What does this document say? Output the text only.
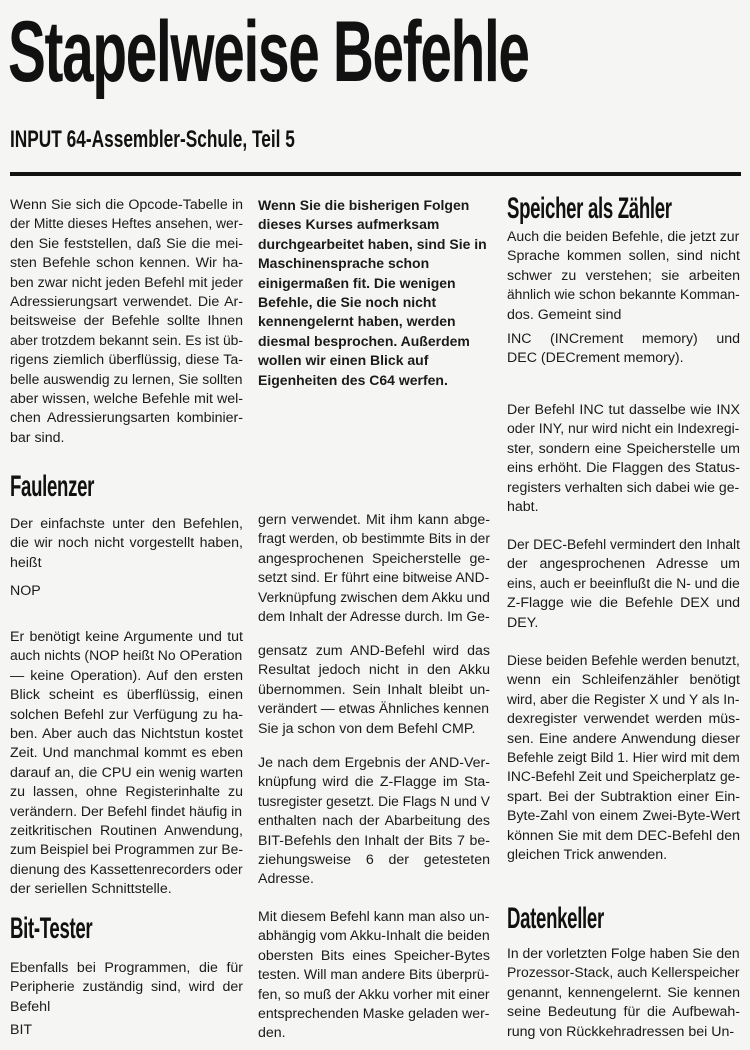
Stapelweise Befehle
INPUT 64-Assembler-Schule, Teil 5
Wenn Sie sich die Opcode-Tabelle in
der Mitte dieses Heftes ansehen, wer-
den Sie feststellen, daß Sie die mei-
sten Befehle schon kennen. Wir ha-
ben zwar nicht jeden Befehl mit jeder
Adressierungsart verwendet. Die Ar-
beitsweise der Befehle sollte Ihnen
aber trotzdem bekannt sein. Es ist üb-
rigens ziemlich überflüssig, diese Ta-
belle auswendig zu lernen, Sie sollten
aber wissen, welche Befehle mit wel-
chen Adressierungsarten kombinier-
bar sind.
Faulenzer
Der einfachste unter den Befehlen,
die wir noch nicht vorgestellt haben,
heißt
NOP
Er benötigt keine Argumente und tut
auch nichts (NOP heißt No OPeration
— keine Operation). Auf den ersten
Blick scheint es überflüssig, einen
solchen Befehl zur Verfügung zu ha-
ben. Aber auch das Nichtstun kostet
Zeit. Und manchmal kommt es eben
darauf an, die CPU ein wenig warten
zu lassen, ohne Registerinhalte zu
verändern. Der Befehl findet häufig in
zeitkritischen Routinen Anwendung,
zum Beispiel bei Programmen zur Be-
dienung des Kassettenrecorders oder
der seriellen Schnittstelle.
Bit-Tester
Ebenfalls bei Programmen, die für
Peripherie zuständig sind, wird der
Befehl
BIT
Wenn Sie die bisherigen Folgen
dieses Kurses aufmerksam
durchgearbeitet haben, sind Sie in
Maschinensprache schon
einigermaßen fit. Die wenigen
Befehle, die Sie noch nicht
kennengelernt haben, werden
diesmal besprochen. Außerdem
wollen wir einen Blick auf
Eigenheiten des C64 werfen.
gern verwendet. Mit ihm kann abge-
fragt werden, ob bestimmte Bits in der
angesprochenen Speicherstelle ge-
setzt sind. Er führt eine bitweise AND-
Verknüpfung zwischen dem Akku und
dem Inhalt der Adresse durch. Im Ge-
gensatz zum AND-Befehl wird das
Resultat jedoch nicht in den Akku
übernommen. Sein Inhalt bleibt un-
verändert — etwas Ähnliches kennen
Sie ja schon von dem Befehl CMP.
Je nach dem Ergebnis der AND-Ver-
knüpfung wird die Z-Flagge im Sta-
tusregister gesetzt. Die Flags N und V
enthalten nach der Abarbeitung des
BIT-Befehls den Inhalt der Bits 7 be-
ziehungsweise 6 der getesteten
Adresse.
Mit diesem Befehl kann man also un-
abhängig vom Akku-Inhalt die beiden
obersten Bits eines Speicher-Bytes
testen. Will man andere Bits überprü-
fen, so muß der Akku vorher mit einer
entsprechenden Maske geladen wer-
den.
Speicher als Zähler
Auch die beiden Befehle, die jetzt zur
Sprache kommen sollen, sind nicht
schwer zu verstehen; sie arbeiten
ähnlich wie schon bekannte Komman-
dos. Gemeint sind
INC (INCrement memory) und
DEC (DECrement memory).
Der Befehl INC tut dasselbe wie INX
oder INY, nur wird nicht ein Indexregi-
ster, sondern eine Speicherstelle um
eins erhöht. Die Flaggen des Status-
registers verhalten sich dabei wie ge-
habt.
Der DEC-Befehl vermindert den Inhalt
der angesprochenen Adresse um
eins, auch er beeinflußt die N- und die
Z-Flagge wie die Befehle DEX und
DEY.
Diese beiden Befehle werden benutzt,
wenn ein Schleifenzähler benötigt
wird, aber die Register X und Y als In-
dexregister verwendet werden müs-
sen. Eine andere Anwendung dieser
Befehle zeigt Bild 1. Hier wird mit dem
INC-Befehl Zeit und Speicherplatz ge-
spart. Bei der Subtraktion einer Ein-
Byte-Zahl von einem Zwei-Byte-Wert
können Sie mit dem DEC-Befehl den
gleichen Trick anwenden.
Datenkeller
In der vorletzten Folge haben Sie den
Prozessor-Stack, auch Kellerspeicher
genannt, kennengelernt. Sie kennen
seine Bedeutung für die Aufbewah-
rung von Rückkehradressen bei Un-
